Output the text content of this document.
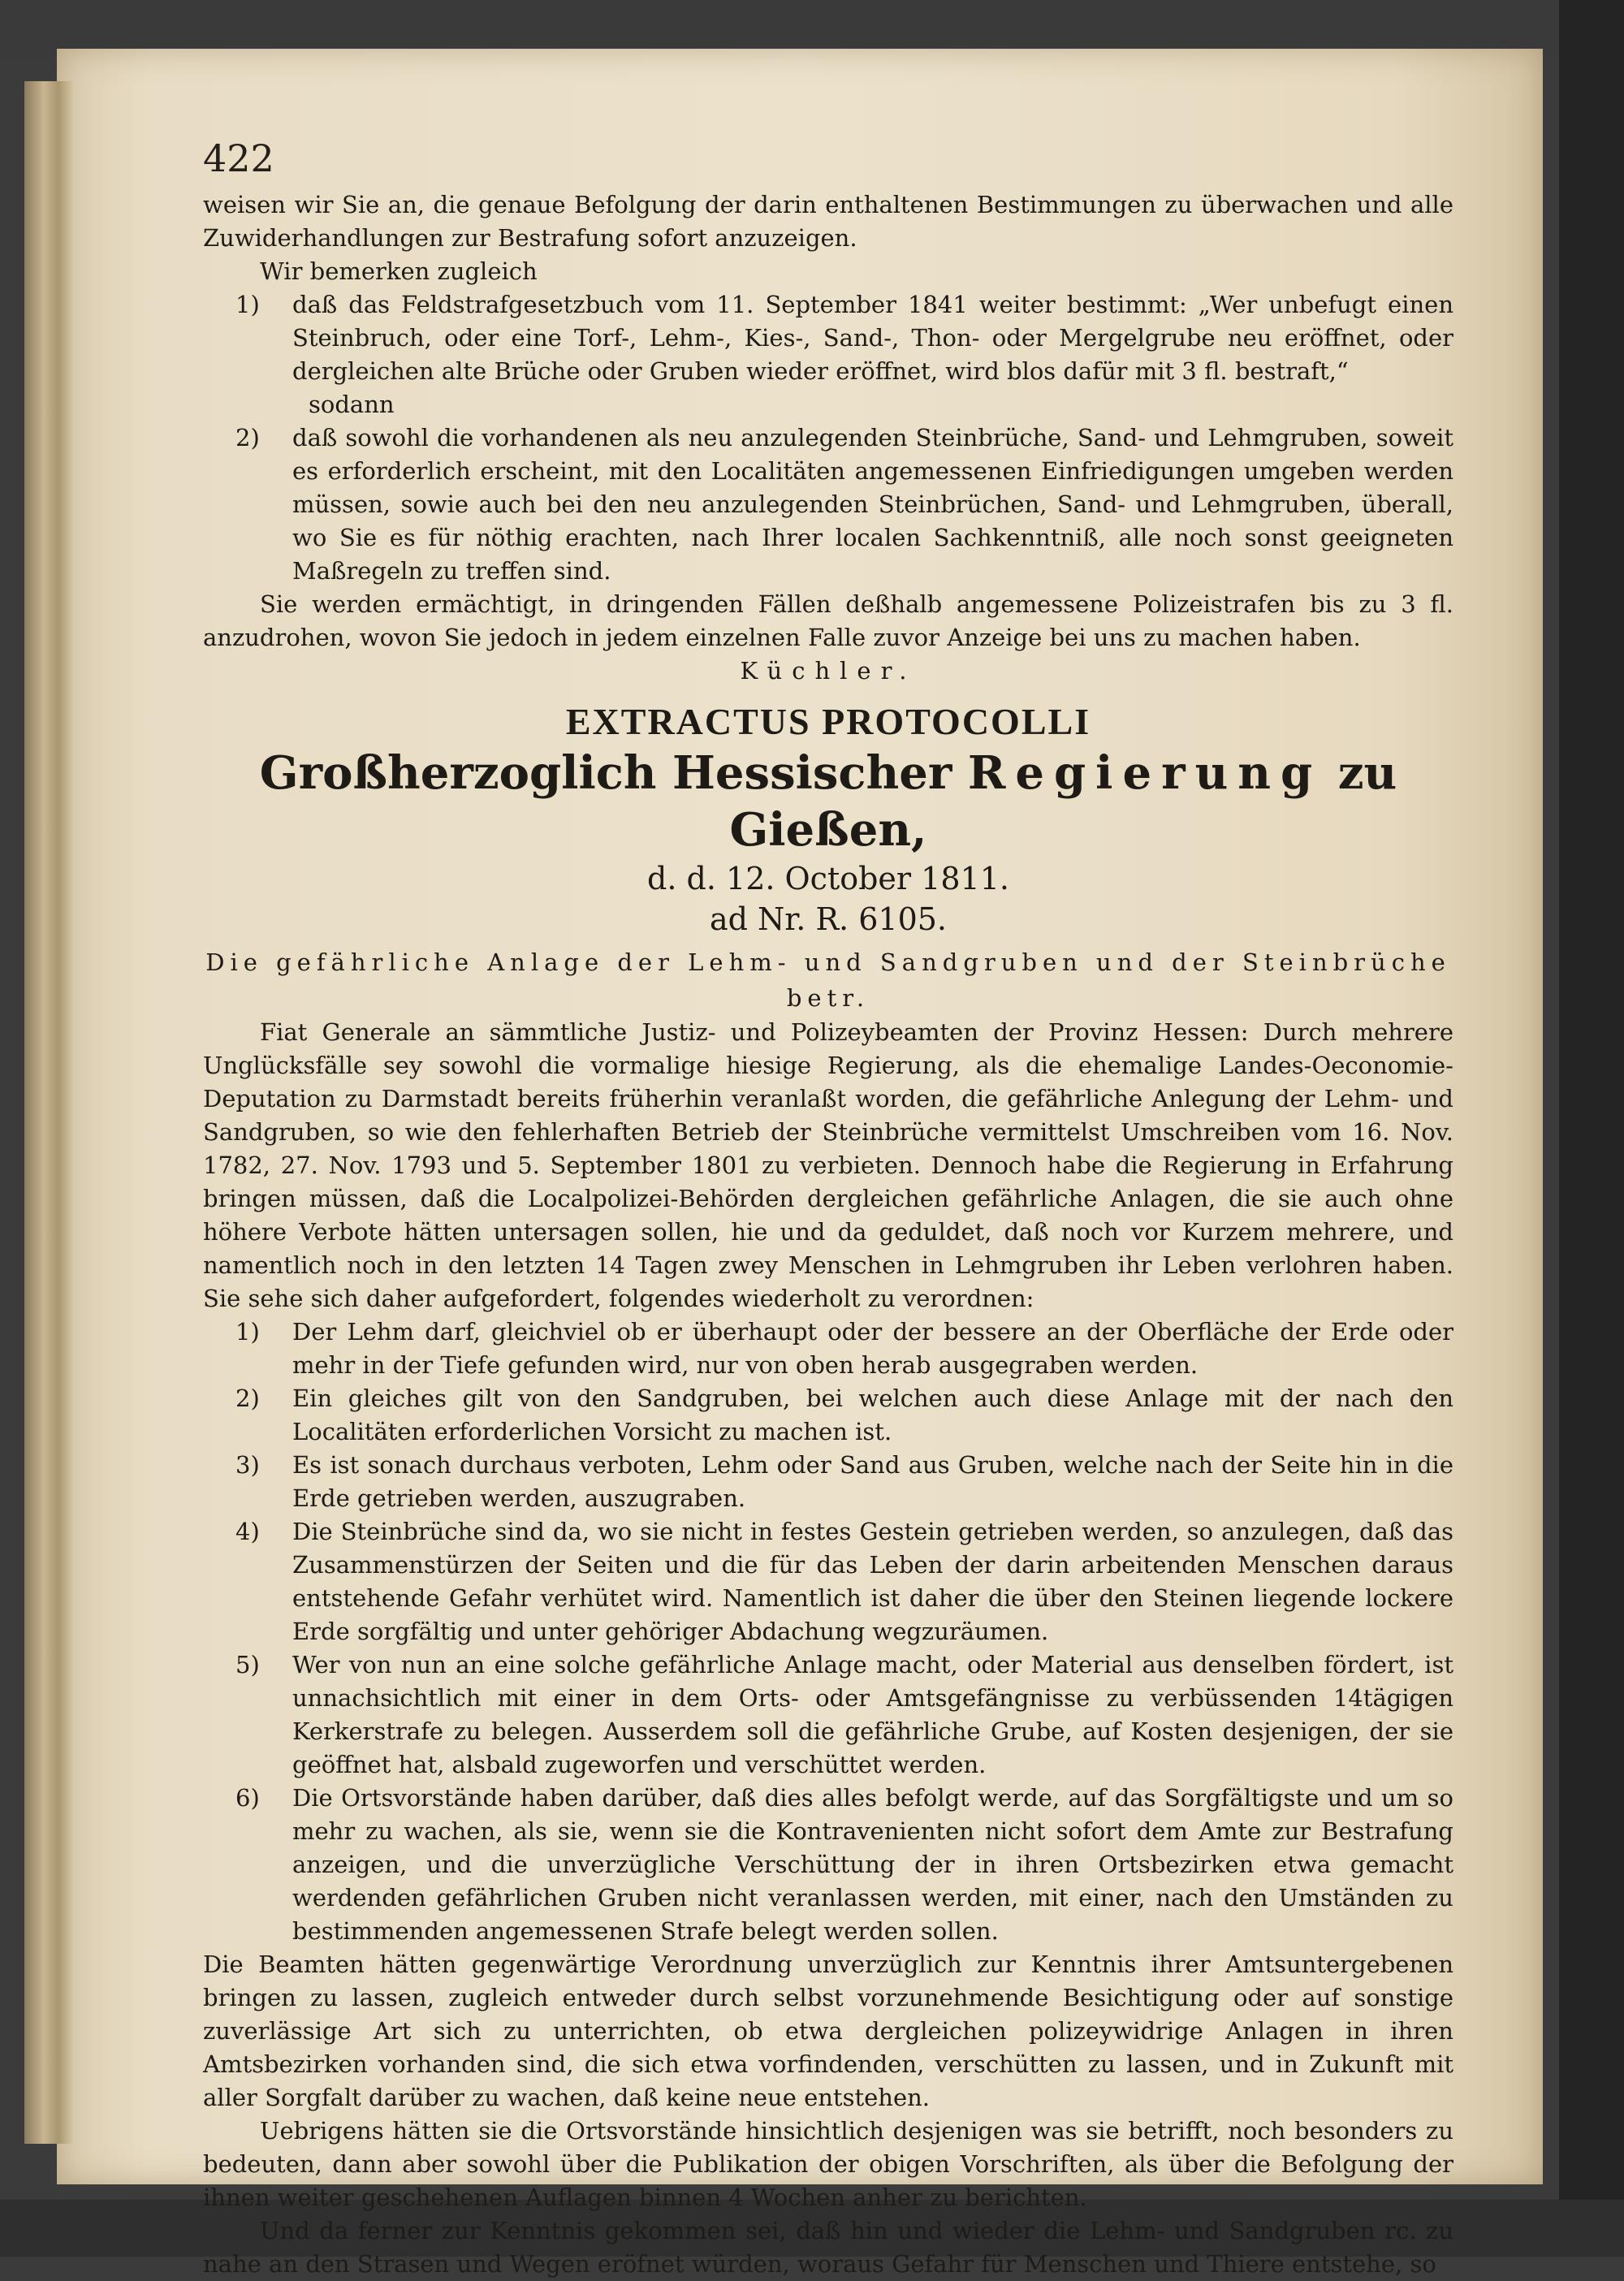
422

weisen wir Sie an, die genaue Befolgung der darin enthaltenen Bestimmungen zu überwachen und alle Zuwiderhandlungen zur Bestrafung sofort anzuzeigen.

Wir bemerken zugleich

1)	daß das Feldstrafgesetzbuch vom 11. September 1841 weiter bestimmt: „Wer unbefugt einen Steinbruch, oder eine Torf-, Lehm-, Kies-, Sand-, Thon- oder Mergelgrube neu eröffnet, oder dergleichen alte Brüche oder Gruben wieder eröffnet, wird blos dafür mit 3 fl. bestraft,“

sodann

2)	daß sowohl die vorhandenen als neu anzulegenden Steinbrüche, Sand- und Lehmgruben, soweit es erforderlich erscheint, mit den Localitäten angemessenen Einfriedigungen umgeben werden müssen, sowie auch bei den neu anzulegenden Steinbrüchen, Sand- und Lehmgruben, überall, wo Sie es für nöthig erachten, nach Ihrer localen Sachkenntniß, alle noch sonst geeigneten Maßregeln zu treffen sind.

Sie werden ermächtigt, in dringenden Fällen deßhalb angemessene Polizeistrafen bis zu 3 fl. anzudrohen, wovon Sie jedoch in jedem einzelnen Falle zuvor Anzeige bei uns zu machen haben.

Küchler.
EXTRACTUS PROTOCOLLI
Großherzoglich Hessischer Regierung zu Gießen,
d. d. 12. October 1811.
ad Nr. R. 6105.
Die gefährliche Anlage der Lehm- und Sandgruben und der Steinbrüche betr.

Fiat Generale an sämmtliche Justiz- und Polizeybeamten der Provinz Hessen: Durch mehrere Unglücksfälle sey sowohl die vormalige hiesige Regierung, als die ehemalige Landes-Oeconomie-Deputation zu Darmstadt bereits früherhin veranlaßt worden, die gefährliche Anlegung der Lehm- und Sandgruben, so wie den fehlerhaften Betrieb der Steinbrüche vermittelst Umschreiben vom 16. Nov. 1782, 27. Nov. 1793 und 5. September 1801 zu verbieten. Dennoch habe die Regierung in Erfahrung bringen müssen, daß die Localpolizei-Behörden dergleichen gefährliche Anlagen, die sie auch ohne höhere Verbote hätten untersagen sollen, hie und da geduldet, daß noch vor Kurzem mehrere, und namentlich noch in den letzten 14 Tagen zwey Menschen in Lehmgruben ihr Leben verlohren haben. Sie sehe sich daher aufgefordert, folgendes wiederholt zu verordnen:

1)	Der Lehm darf, gleichviel ob er überhaupt oder der bessere an der Oberfläche der Erde oder mehr in der Tiefe gefunden wird, nur von oben herab ausgegraben werden.
2)	Ein gleiches gilt von den Sandgruben, bei welchen auch diese Anlage mit der nach den Localitäten erforderlichen Vorsicht zu machen ist.
3)	Es ist sonach durchaus verboten, Lehm oder Sand aus Gruben, welche nach der Seite hin in die Erde getrieben werden, auszugraben.
4)	Die Steinbrüche sind da, wo sie nicht in festes Gestein getrieben werden, so anzulegen, daß das Zusammenstürzen der Seiten und die für das Leben der darin arbeitenden Menschen daraus entstehende Gefahr verhütet wird. Namentlich ist daher die über den Steinen liegende lockere Erde sorgfältig und unter gehöriger Abdachung wegzuräumen.
5)	Wer von nun an eine solche gefährliche Anlage macht, oder Material aus denselben fördert, ist unnachsichtlich mit einer in dem Orts- oder Amtsgefängnisse zu verbüssenden 14tägigen Kerkerstrafe zu belegen. Ausserdem soll die gefährliche Grube, auf Kosten desjenigen, der sie geöffnet hat, alsbald zugeworfen und verschüttet werden.
6)	Die Ortsvorstände haben darüber, daß dies alles befolgt werde, auf das Sorgfältigste und um so mehr zu wachen, als sie, wenn sie die Kontravenienten nicht sofort dem Amte zur Bestrafung anzeigen, und die unverzügliche Verschüttung der in ihren Ortsbezirken etwa gemacht werdenden gefährlichen Gruben nicht veranlassen werden, mit einer, nach den Umständen zu bestimmenden angemessenen Strafe belegt werden sollen.

Die Beamten hätten gegenwärtige Verordnung unverzüglich zur Kenntnis ihrer Amtsuntergebenen bringen zu lassen, zugleich entweder durch selbst vorzunehmende Besichtigung oder auf sonstige zuverlässige Art sich zu unterrichten, ob etwa dergleichen polizeywidrige Anlagen in ihren Amtsbezirken vorhanden sind, die sich etwa vorfindenden, verschütten zu lassen, und in Zukunft mit aller Sorgfalt darüber zu wachen, daß keine neue entstehen.

Uebrigens hätten sie die Ortsvorstände hinsichtlich desjenigen was sie betrifft, noch besonders zu bedeuten, dann aber sowohl über die Publikation der obigen Vorschriften, als über die Befolgung der ihnen weiter geschehenen Auflagen binnen 4 Wochen anher zu berichten.

Und da ferner zur Kenntnis gekommen sei, daß hin und wieder die Lehm- und Sandgruben rc. zu nahe an den Strasen und Wegen eröfnet würden, woraus Gefahr für Menschen und Thiere entstehe, so
